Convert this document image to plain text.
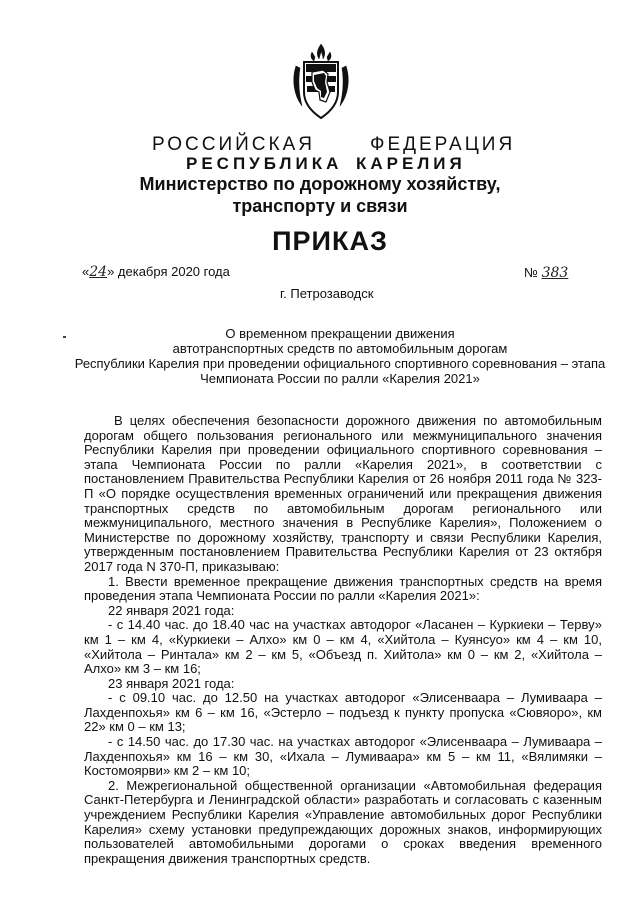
РОССИЙСКАЯ	ФЕДЕРАЦИЯ
РЕСПУБЛИКА КАРЕЛИЯ
Министерство по дорожному хозяйству,
транспорту и связи
ПРИКАЗ
«24» декабря 2020 года	№ 383
г. Петрозаводск
О временном прекращении движения
автотранспортных средств по автомобильным дорогам
Республики Карелия при проведении официального спортивного соревнования – этапа
Чемпионата России по ралли «Карелия 2021»

В целях обеспечения безопасности дорожного движения по автомобильным дорогам общего пользования регионального или межмуниципального значения Республики Карелия при проведении официального спортивного соревнования – этапа Чемпионата России по ралли «Карелия 2021», в соответствии с постановлением Правительства Республики Карелия от 26 ноября 2011 года № 323-П «О порядке осуществления временных ограничений или прекращения движения транспортных средств по автомобильным дорогам регионального или межмуниципального, местного значения в Республике Карелия», Положением о Министерстве по дорожному хозяйству, транспорту и связи Республики Карелия, утвержденным постановлением Правительства Республики Карелия от 23 октября 2017 года N 370-П, приказываю:

1. Ввести временное прекращение движения транспортных средств на время проведения этапа Чемпионата России по ралли «Карелия 2021»:

22 января 2021 года:

- с 14.40 час. до 18.40 час на участках автодорог «Ласанен – Куркиеки – Терву» км 1 – км 4, «Куркиеки – Алхо» км 0 – км 4, «Хийтола – Куянсуо» км 4 – км 10, «Хийтола – Ринтала» км 2 – км 5, «Объезд п. Хийтола» км 0 – км 2, «Хийтола – Алхо» км 3 – км 16;

23 января 2021 года:

- с 09.10 час. до 12.50 на участках автодорог «Элисенваара – Лумиваара – Лахденпохья» км 6 – км 16, «Эстерло – подъезд к пункту пропуска «Сювяоро», км 22» км 0 – км 13;

- с 14.50 час. до 17.30 час. на участках автодорог «Элисенваара – Лумиваара – Лахденпохья» км 16 – км 30, «Ихала – Лумиваара» км 5 – км 11, «Вялимяки – Костомоярви» км 2 – км 10;

2. Межрегиональной общественной организации «Автомобильная федерация Санкт-Петербурга и Ленинградской области» разработать и согласовать с казенным учреждением Республики Карелия «Управление автомобильных дорог Республики Карелия» схему установки предупреждающих дорожных знаков, информирующих пользователей автомобильными дорогами о сроках введения временного прекращения движения транспортных средств.
